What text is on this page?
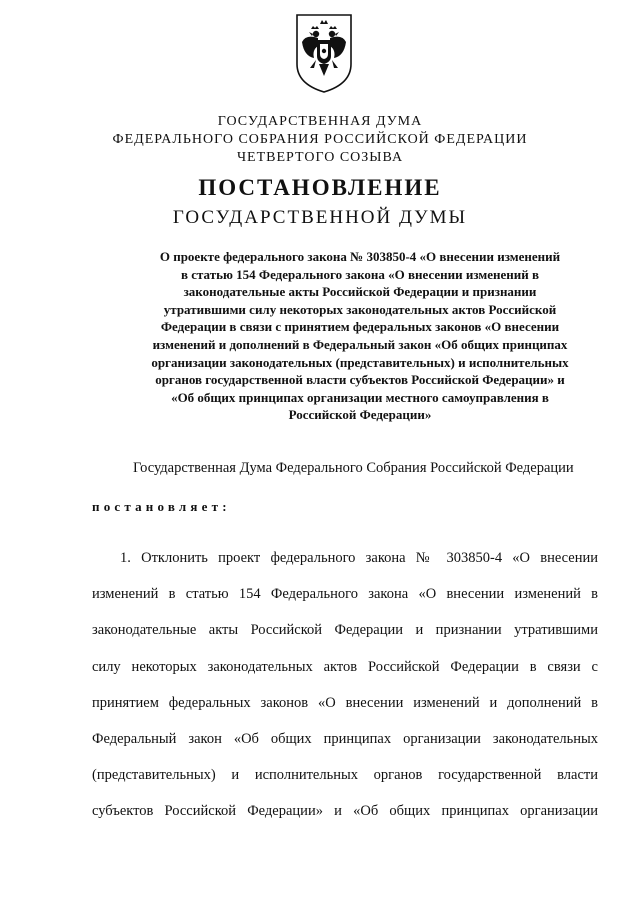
ГОСУДАРСТВЕННАЯ ДУМА
ФЕДЕРАЛЬНОГО СОБРАНИЯ РОССИЙСКОЙ ФЕДЕРАЦИИ
ЧЕТВЕРТОГО СОЗЫВА
ПОСТАНОВЛЕНИЕ
ГОСУДАРСТВЕННОЙ ДУМЫ
О проекте федерального закона № 303850-4 «О внесении изменений
в статью 154 Федерального закона «О внесении изменений в
законодательные акты Российской Федерации и признании
утратившими силу некоторых законодательных актов Российской
Федерации в связи с принятием федеральных законов «О внесении
изменений и дополнений в Федеральный закон «Об общих принципах
организации законодательных (представительных) и исполнительных
органов государственной власти субъектов Российской Федерации» и
«Об общих принципах организации местного самоуправления в
Российской Федерации»
Государственная Дума Федерального Собрания Российской Федерации
постановляет:
1. Отклонить проект федерального закона № 303850-4 «О внесении
изменений в статью 154 Федерального закона «О внесении изменений в
законодательные акты Российской Федерации и признании утратившими
силу некоторых законодательных актов Российской Федерации в связи с
принятием федеральных законов «О внесении изменений и дополнений в
Федеральный закон «Об общих принципах организации законодательных
(представительных) и исполнительных органов государственной власти
субъектов Российской Федерации» и «Об общих принципах организации
